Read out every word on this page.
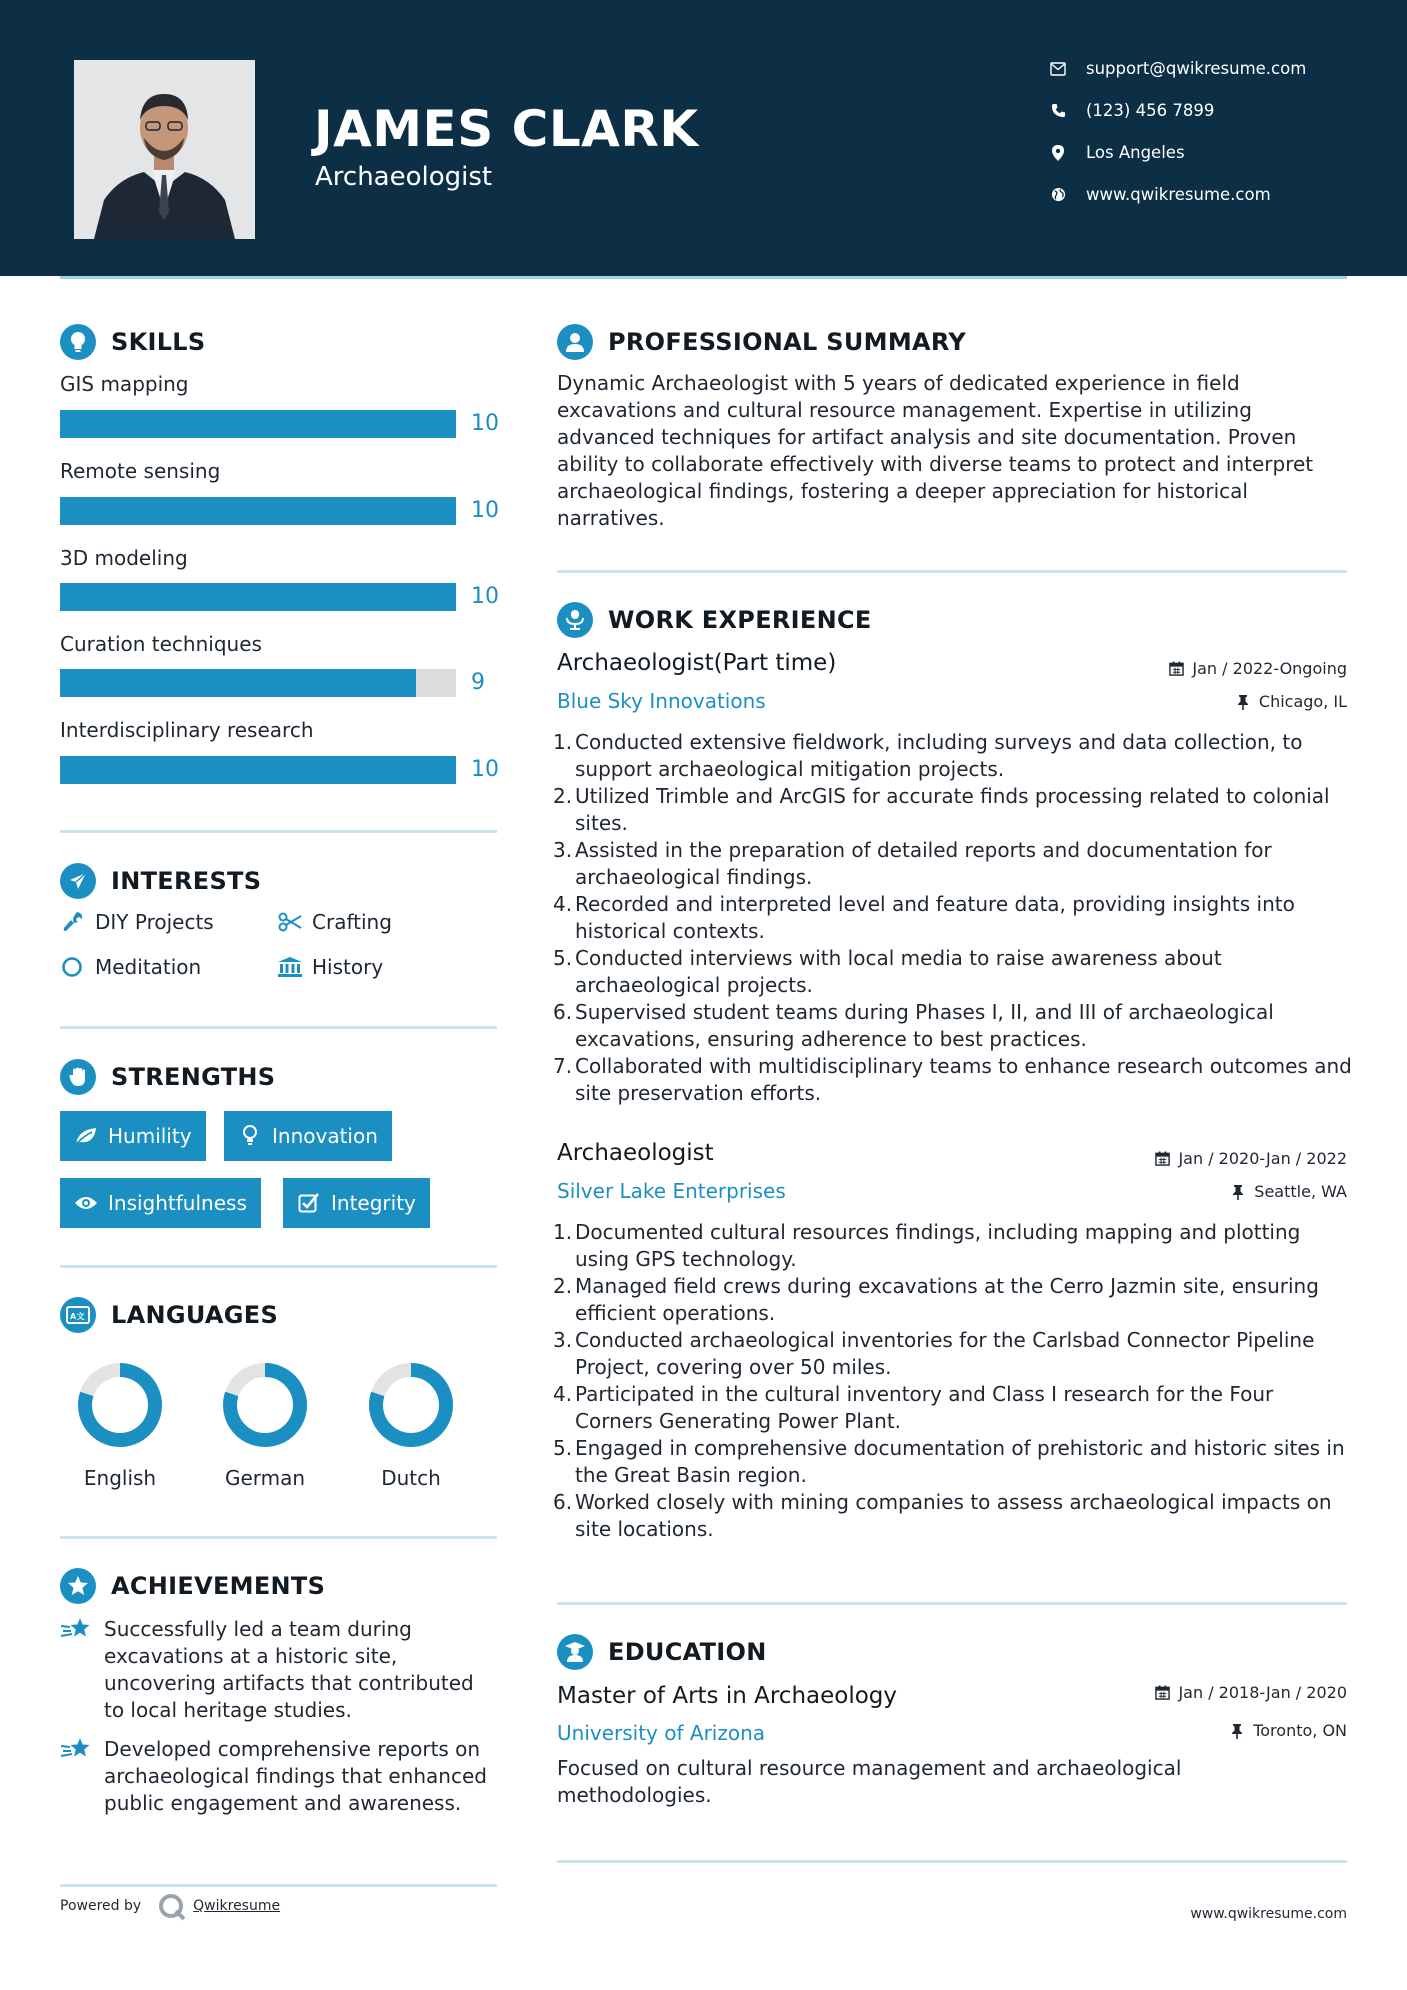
JAMES CLARK
Archaeologist
support@qwikresume.com
(123) 456 7899
Los Angeles
www.qwikresume.com
SKILLS
GIS mapping
10
Remote sensing
10
3D modeling
10
Curation techniques
9
Interdisciplinary research
10
INTERESTS
DIY Projects	Crafting
Meditation	History
STRENGTHS
Humility	Innovation
Insightfulness	Integrity
A文 LANGUAGES
English	German	Dutch
ACHIEVEMENTS
Successfully led a team during excavations at a historic site, uncovering artifacts that contributed to local heritage studies.
Developed comprehensive reports on archaeological findings that enhanced public engagement and awareness.
PROFESSIONAL SUMMARY
Dynamic Archaeologist with 5 years of dedicated experience in field excavations and cultural resource management. Expertise in utilizing advanced techniques for artifact analysis and site documentation. Proven ability to collaborate effectively with diverse teams to protect and interpret archaeological findings, fostering a deeper appreciation for historical narratives.
WORK EXPERIENCE
Archaeologist(Part time)	Jan / 2022-Ongoing
Blue Sky Innovations	Chicago, IL
1. Conducted extensive fieldwork, including surveys and data collection, to support archaeological mitigation projects.
2. Utilized Trimble and ArcGIS for accurate finds processing related to colonial sites.
3. Assisted in the preparation of detailed reports and documentation for archaeological findings.
4. Recorded and interpreted level and feature data, providing insights into historical contexts.
5. Conducted interviews with local media to raise awareness about archaeological projects.
6. Supervised student teams during Phases I, II, and III of archaeological excavations, ensuring adherence to best practices.
7. Collaborated with multidisciplinary teams to enhance research outcomes and site preservation efforts.
Archaeologist	Jan / 2020-Jan / 2022
Silver Lake Enterprises	Seattle, WA
1. Documented cultural resources findings, including mapping and plotting using GPS technology.
2. Managed field crews during excavations at the Cerro Jazmin site, ensuring efficient operations.
3. Conducted archaeological inventories for the Carlsbad Connector Pipeline Project, covering over 50 miles.
4. Participated in the cultural inventory and Class I research for the Four Corners Generating Power Plant.
5. Engaged in comprehensive documentation of prehistoric and historic sites in the Great Basin region.
6. Worked closely with mining companies to assess archaeological impacts on site locations.
EDUCATION
Master of Arts in Archaeology	Jan / 2018-Jan / 2020
University of Arizona	Toronto, ON
Focused on cultural resource management and archaeological methodologies.
Powered by	Qwikresume	www.qwikresume.com
